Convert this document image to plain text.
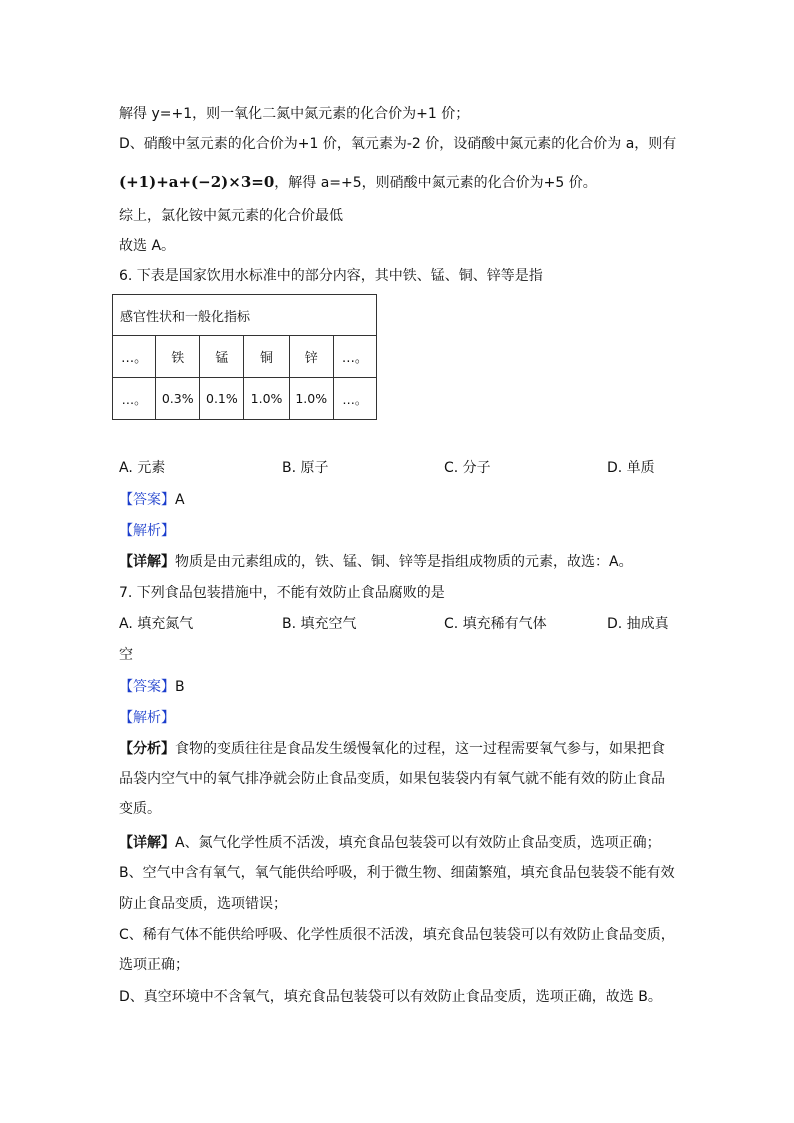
解得 y=+1，则一氧化二氮中氮元素的化合价为+1 价；
D、硝酸中氢元素的化合价为+1 价，氧元素为-2 价，设硝酸中氮元素的化合价为 a，则有
(+1)+a+(−2)×3=0，解得 a=+5，则硝酸中氮元素的化合价为+5 价。
综上，氯化铵中氮元素的化合价最低
故选 A。
6. 下表是国家饮用水标准中的部分内容，其中铁、锰、铜、锌等是指
感官性状和一般化指标					
…。	铁	锰	铜	锌	…。
…。	0.3%	0.1%	1.0%	1.0%	…。
A. 元素	B. 原子	C. 分子	D. 单质
【答案】A
【解析】
【详解】物质是由元素组成的，铁、锰、铜、锌等是指组成物质的元素，故选：A。
7. 下列食品包装措施中，不能有效防止食品腐败的是
A. 填充氮气	B. 填充空气	C. 填充稀有气体	D. 抽成真
空
【答案】B
【解析】
【分析】食物的变质往往是食品发生缓慢氧化的过程，这一过程需要氧气参与，如果把食
品袋内空气中的氧气排净就会防止食品变质，如果包装袋内有氧气就不能有效的防止食品
变质。
【详解】A、氮气化学性质不活泼，填充食品包装袋可以有效防止食品变质，选项正确；
B、空气中含有氧气，氧气能供给呼吸，利于微生物、细菌繁殖，填充食品包装袋不能有效
防止食品变质，选项错误；
C、稀有气体不能供给呼吸、化学性质很不活泼，填充食品包装袋可以有效防止食品变质，
选项正确；
D、真空环境中不含氧气，填充食品包装袋可以有效防止食品变质，选项正确，故选 B。
